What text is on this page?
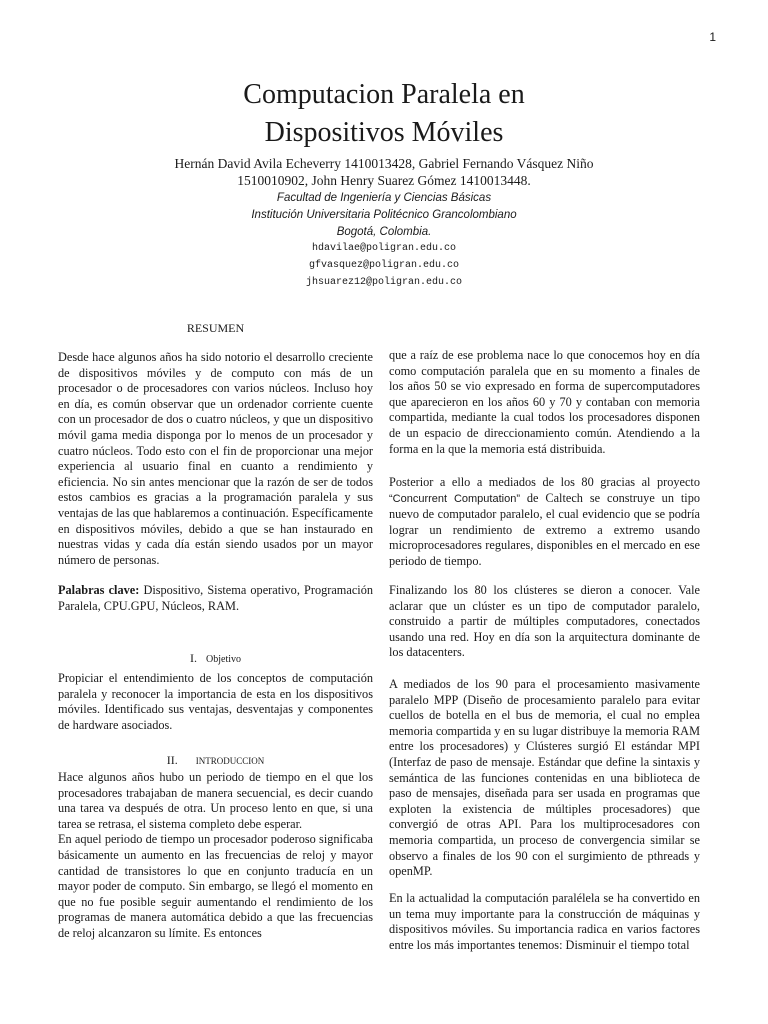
1
Computacion Paralela en
Dispositivos Móviles
Hernán David Avila Echeverry 1410013428, Gabriel Fernando Vásquez Niño
1510010902, John Henry Suarez Gómez 1410013448.
Facultad de Ingeniería y Ciencias Básicas
Institución Universitaria Politécnico Grancolombiano
Bogotá, Colombia.
hdavilae@poligran.edu.co
gfvasquez@poligran.edu.co
jhsuarez12@poligran.edu.co
RESUMEN

Desde hace algunos años ha sido notorio el desarrollo creciente de dispositivos móviles y de computo con más de un procesador o de procesadores con varios núcleos. Incluso hoy en día, es común observar que un ordenador corriente cuente con un procesador de dos o cuatro núcleos, y que un dispositivo móvil gama media disponga por lo menos de un procesador y cuatro núcleos. Todo esto con el fin de proporcionar una mejor experiencia al usuario final en cuanto a rendimiento y eficiencia. No sin antes mencionar que la razón de ser de todos estos cambios es gracias a la programación paralela y sus ventajas de las que hablaremos a continuación. Específicamente en dispositivos móviles, debido a que se han instaurado en nuestras vidas y cada día están siendo usados por un mayor número de personas.

Palabras clave: Dispositivo, Sistema operativo, Programación Paralela, CPU.GPU, Núcleos, RAM.

I. Objetivo

Propiciar el entendimiento de los conceptos de computación paralela y reconocer la importancia de esta en los dispositivos móviles. Identificado sus ventajas, desventajas y componentes de hardware asociados.

II. INTRODUCCION

Hace algunos años hubo un periodo de tiempo en el que los procesadores trabajaban de manera secuencial, es decir cuando una tarea va después de otra. Un proceso lento en que, si una tarea se retrasa, el sistema completo debe esperar.

En aquel periodo de tiempo un procesador poderoso significaba básicamente un aumento en las frecuencias de reloj y mayor cantidad de transistores lo que en conjunto traducía en un mayor poder de computo. Sin embargo, se llegó el momento en que no fue posible seguir aumentando el rendimiento de los programas de manera automática debido a que las frecuencias de reloj alcanzaron su límite. Es entonces

que a raíz de ese problema nace lo que conocemos hoy en día como computación paralela que en su momento a finales de los años 50 se vio expresado en forma de supercomputadores que aparecieron en los años 60 y 70 y contaban con memoria compartida, mediante la cual todos los procesadores disponen de un espacio de direccionamiento común. Atendiendo a la forma en la que la memoria está distribuida.

Posterior a ello a mediados de los 80 gracias al proyecto “Concurrent Computation” de Caltech se construye un tipo nuevo de computador paralelo, el cual evidencio que se podría lograr un rendimiento de extremo a extremo usando microprocesadores regulares, disponibles en el mercado en ese periodo de tiempo.

Finalizando los 80 los clústeres se dieron a conocer. Vale aclarar que un clúster es un tipo de computador paralelo, construido a partir de múltiples computadores, conectados usando una red. Hoy en día son la arquitectura dominante de los datacenters.

A mediados de los 90 para el procesamiento masivamente paralelo MPP (Diseño de procesamiento paralelo para evitar cuellos de botella en el bus de memoria, el cual no emplea memoria compartida y en su lugar distribuye la memoria RAM entre los procesadores) y Clústeres surgió El estándar MPI (Interfaz de paso de mensaje. Estándar que define la sintaxis y semántica de las funciones contenidas en una biblioteca de paso de mensajes, diseñada para ser usada en programas que exploten la existencia de múltiples procesadores) que convergió de otras API. Para los multiprocesadores con memoria compartida, un proceso de convergencia similar se observo a finales de los 90 con el surgimiento de pthreads y openMP.

En la actualidad la computación paralélela se ha convertido en un tema muy importante para la construcción de máquinas y dispositivos móviles. Su importancia radica en varios factores entre los más importantes tenemos: Disminuir el tiempo total
